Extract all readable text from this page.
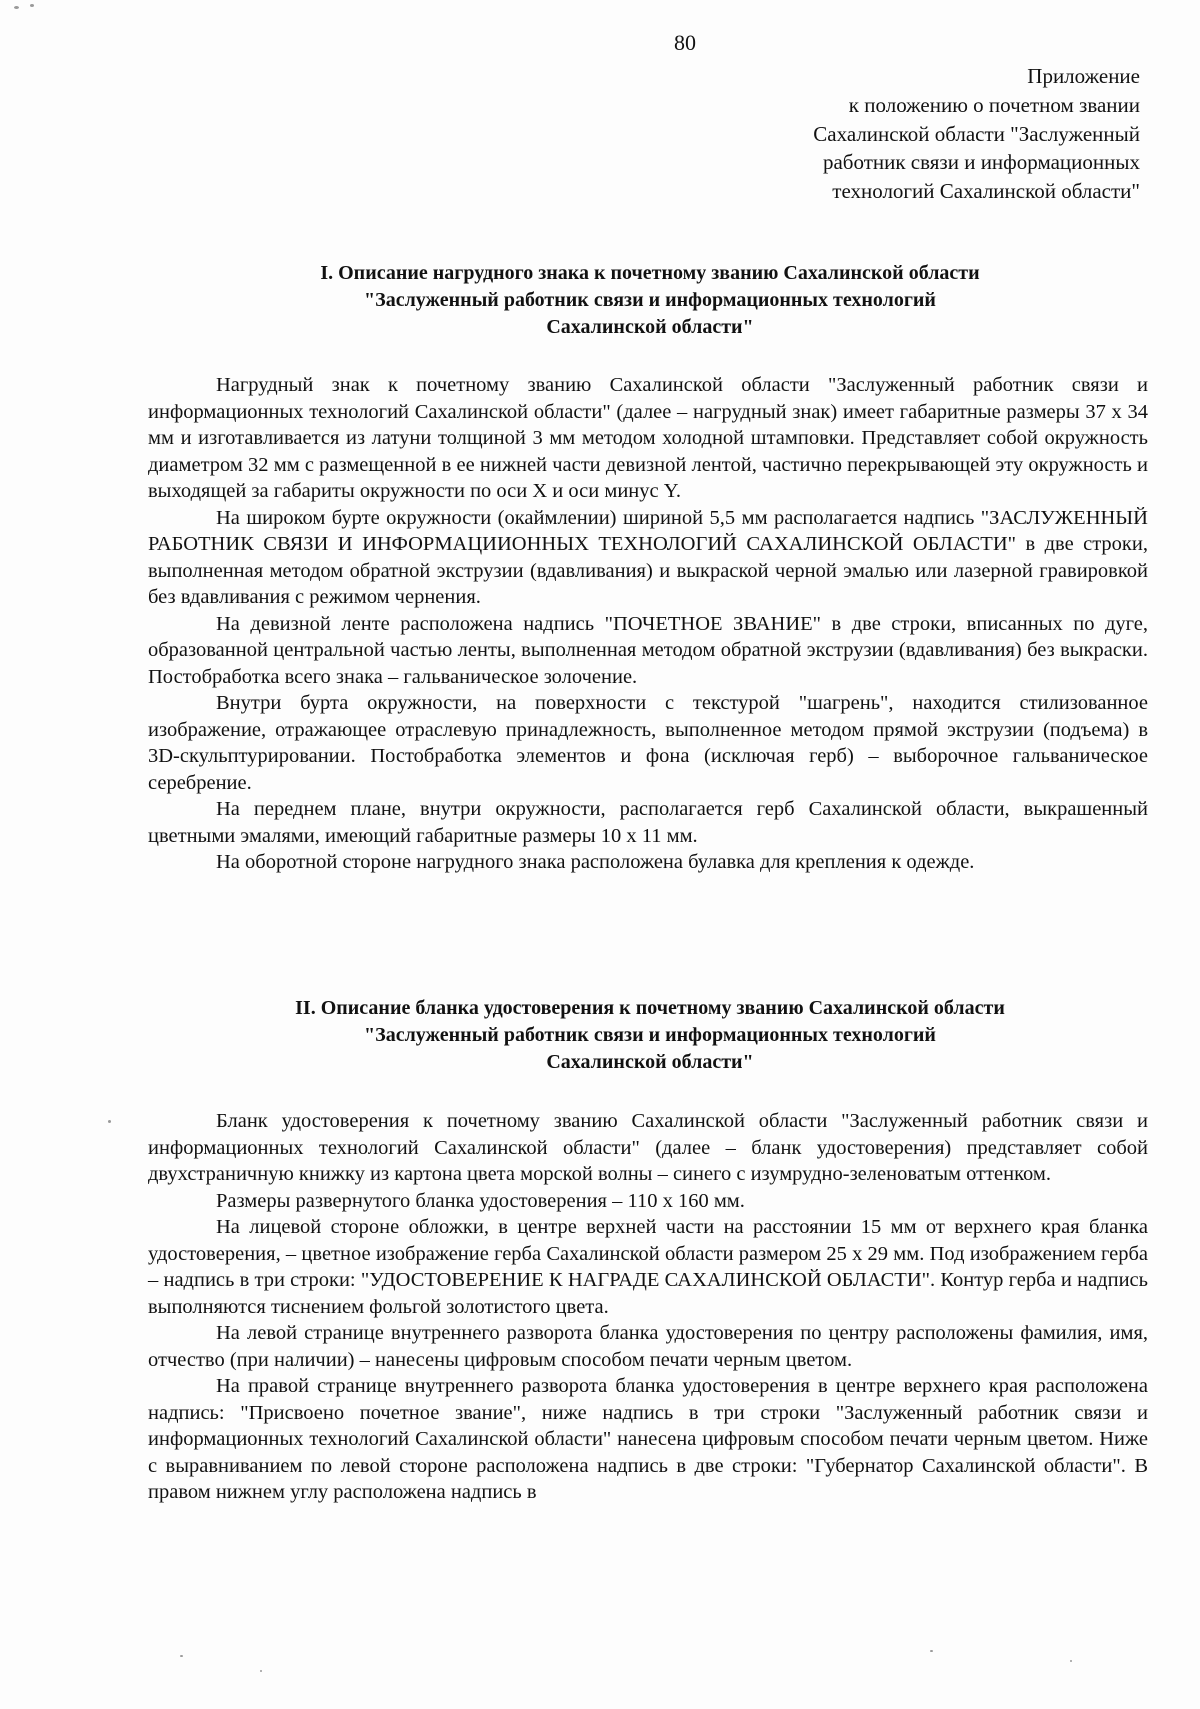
80
Приложение
к положению о почетном звании
Сахалинской области "Заслуженный
работник связи и информационных
технологий Сахалинской области"
I. Описание нагрудного знака к почетному званию Сахалинской области
"Заслуженный работник связи и информационных технологий
Сахалинской области"

Нагрудный знак к почетному званию Сахалинской области "Заслуженный работник связи и информационных технологий Сахалинской области" (далее – нагрудный знак) имеет габаритные размеры 37 х 34 мм и изготавливается из латуни толщиной 3 мм методом холодной штамповки. Представляет собой окружность диаметром 32 мм с размещенной в ее нижней части девизной лентой, частично перекрывающей эту окружность и выходящей за габариты окружности по оси X и оси минус Y.

На широком бурте окружности (окаймлении) шириной 5,5 мм располагается надпись "ЗАСЛУЖЕННЫЙ РАБОТНИК СВЯЗИ И ИНФОРМАЦИИОННЫХ ТЕХНОЛОГИЙ САХАЛИНСКОЙ ОБЛАСТИ" в две строки, выполненная методом обратной экструзии (вдавливания) и выкраской черной эмалью или лазерной гравировкой без вдавливания с режимом чернения.

На девизной ленте расположена надпись "ПОЧЕТНОЕ ЗВАНИЕ" в две строки, вписанных по дуге, образованной центральной частью ленты, выполненная методом обратной экструзии (вдавливания) без выкраски. Постобработка всего знака – гальваническое золочение.

Внутри бурта окружности, на поверхности с текстурой "шагрень", находится стилизованное изображение, отражающее отраслевую принадлежность, выполненное методом прямой экструзии (подъема) в 3D-скульптурировании. Постобработка элементов и фона (исключая герб) – выборочное гальваническое серебрение.

На переднем плане, внутри окружности, располагается герб Сахалинской области, выкрашенный цветными эмалями, имеющий габаритные размеры 10 х 11 мм.

На оборотной стороне нагрудного знака расположена булавка для крепления к одежде.

II. Описание бланка удостоверения к почетному званию Сахалинской области
"Заслуженный работник связи и информационных технологий
Сахалинской области"

Бланк удостоверения к почетному званию Сахалинской области "Заслуженный работник связи и информационных технологий Сахалинской области" (далее – бланк удостоверения) представляет собой двухстраничную книжку из картона цвета морской волны – синего с изумрудно-зеленоватым оттенком.

Размеры развернутого бланка удостоверения – 110 х 160 мм.

На лицевой стороне обложки, в центре верхней части на расстоянии 15 мм от верхнего края бланка удостоверения, – цветное изображение герба Сахалинской области размером 25 х 29 мм. Под изображением герба – надпись в три строки: "УДОСТОВЕРЕНИЕ К НАГРАДЕ САХАЛИНСКОЙ ОБЛАСТИ". Контур герба и надпись выполняются тиснением фольгой золотистого цвета.

На левой странице внутреннего разворота бланка удостоверения по центру расположены фамилия, имя, отчество (при наличии) – нанесены цифровым способом печати черным цветом.

На правой странице внутреннего разворота бланка удостоверения в центре верхнего края расположена надпись: "Присвоено почетное звание", ниже надпись в три строки "Заслуженный работник связи и информационных технологий Сахалинской области" нанесена цифровым способом печати черным цветом. Ниже с выравниванием по левой стороне расположена надпись в две строки: "Губернатор Сахалинской области". В правом нижнем углу расположена надпись в
